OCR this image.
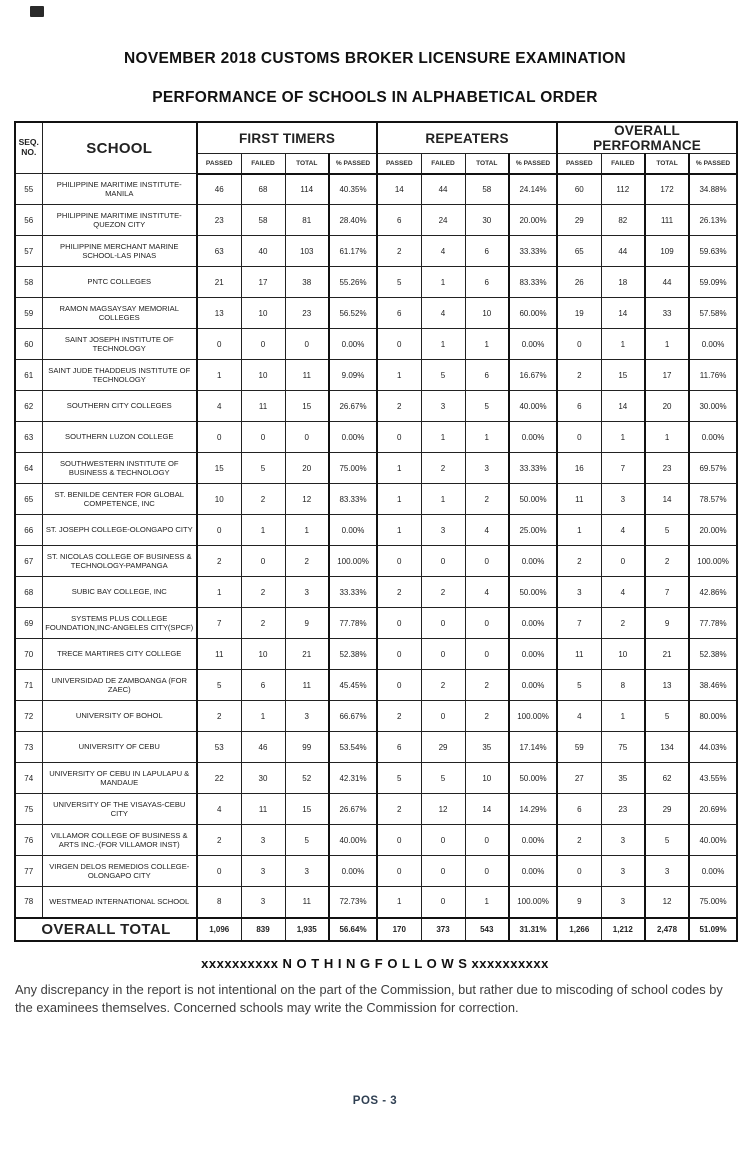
NOVEMBER 2018 CUSTOMS BROKER LICENSURE EXAMINATION
PERFORMANCE OF SCHOOLS IN ALPHABETICAL ORDER
SEQ. NO.	SCHOOL	FIRST TIMERS				REPEATERS				OVERALL PERFORMANCE			
		PASSED	FAILED	TOTAL	% PASSED	PASSED	FAILED	TOTAL	% PASSED	PASSED	FAILED	TOTAL	% PASSED
55	PHILIPPINE MARITIME INSTITUTE-MANILA	46	68	114	40.35%	14	44	58	24.14%	60	112	172	34.88%
56	PHILIPPINE MARITIME INSTITUTE-QUEZON CITY	23	58	81	28.40%	6	24	30	20.00%	29	82	111	26.13%
57	PHILIPPINE MERCHANT MARINE SCHOOL-LAS PINAS	63	40	103	61.17%	2	4	6	33.33%	65	44	109	59.63%
58	PNTC COLLEGES	21	17	38	55.26%	5	1	6	83.33%	26	18	44	59.09%
59	RAMON MAGSAYSAY MEMORIAL COLLEGES	13	10	23	56.52%	6	4	10	60.00%	19	14	33	57.58%
60	SAINT JOSEPH INSTITUTE OF TECHNOLOGY	0	0	0	0.00%	0	1	1	0.00%	0	1	1	0.00%
61	SAINT JUDE THADDEUS INSTITUTE OF TECHNOLOGY	1	10	11	9.09%	1	5	6	16.67%	2	15	17	11.76%
62	SOUTHERN CITY COLLEGES	4	11	15	26.67%	2	3	5	40.00%	6	14	20	30.00%
63	SOUTHERN LUZON COLLEGE	0	0	0	0.00%	0	1	1	0.00%	0	1	1	0.00%
64	SOUTHWESTERN INSTITUTE OF BUSINESS & TECHNOLOGY	15	5	20	75.00%	1	2	3	33.33%	16	7	23	69.57%
65	ST. BENILDE CENTER FOR GLOBAL COMPETENCE, INC	10	2	12	83.33%	1	1	2	50.00%	11	3	14	78.57%
66	ST. JOSEPH COLLEGE-OLONGAPO CITY	0	1	1	0.00%	1	3	4	25.00%	1	4	5	20.00%
67	ST. NICOLAS COLLEGE OF BUSINESS & TECHNOLOGY-PAMPANGA	2	0	2	100.00%	0	0	0	0.00%	2	0	2	100.00%
68	SUBIC BAY COLLEGE, INC	1	2	3	33.33%	2	2	4	50.00%	3	4	7	42.86%
69	SYSTEMS PLUS COLLEGE FOUNDATION,INC-ANGELES CITY(SPCF)	7	2	9	77.78%	0	0	0	0.00%	7	2	9	77.78%
70	TRECE MARTIRES CITY COLLEGE	11	10	21	52.38%	0	0	0	0.00%	11	10	21	52.38%
71	UNIVERSIDAD DE ZAMBOANGA (FOR ZAEC)	5	6	11	45.45%	0	2	2	0.00%	5	8	13	38.46%
72	UNIVERSITY OF BOHOL	2	1	3	66.67%	2	0	2	100.00%	4	1	5	80.00%
73	UNIVERSITY OF CEBU	53	46	99	53.54%	6	29	35	17.14%	59	75	134	44.03%
74	UNIVERSITY OF CEBU IN LAPULAPU & MANDAUE	22	30	52	42.31%	5	5	10	50.00%	27	35	62	43.55%
75	UNIVERSITY OF THE VISAYAS-CEBU CITY	4	11	15	26.67%	2	12	14	14.29%	6	23	29	20.69%
76	VILLAMOR COLLEGE OF BUSINESS & ARTS INC.-(FOR VILLAMOR INST)	2	3	5	40.00%	0	0	0	0.00%	2	3	5	40.00%
77	VIRGEN DELOS REMEDIOS COLLEGE-OLONGAPO CITY	0	3	3	0.00%	0	0	0	0.00%	0	3	3	0.00%
78	WESTMEAD INTERNATIONAL SCHOOL	8	3	11	72.73%	1	0	1	100.00%	9	3	12	75.00%
OVERALL TOTAL		1,096	839	1,935	56.64%	170	373	543	31.31%	1,266	1,212	2,478	51.09%
xxxxxxxxxx N O T H I N G F O L L O W S xxxxxxxxxx
Any discrepancy in the report is not intentional on the part of the Commission, but rather due to miscoding of school codes by the examinees themselves. Concerned schools may write the Commission for correction.
POS - 3
